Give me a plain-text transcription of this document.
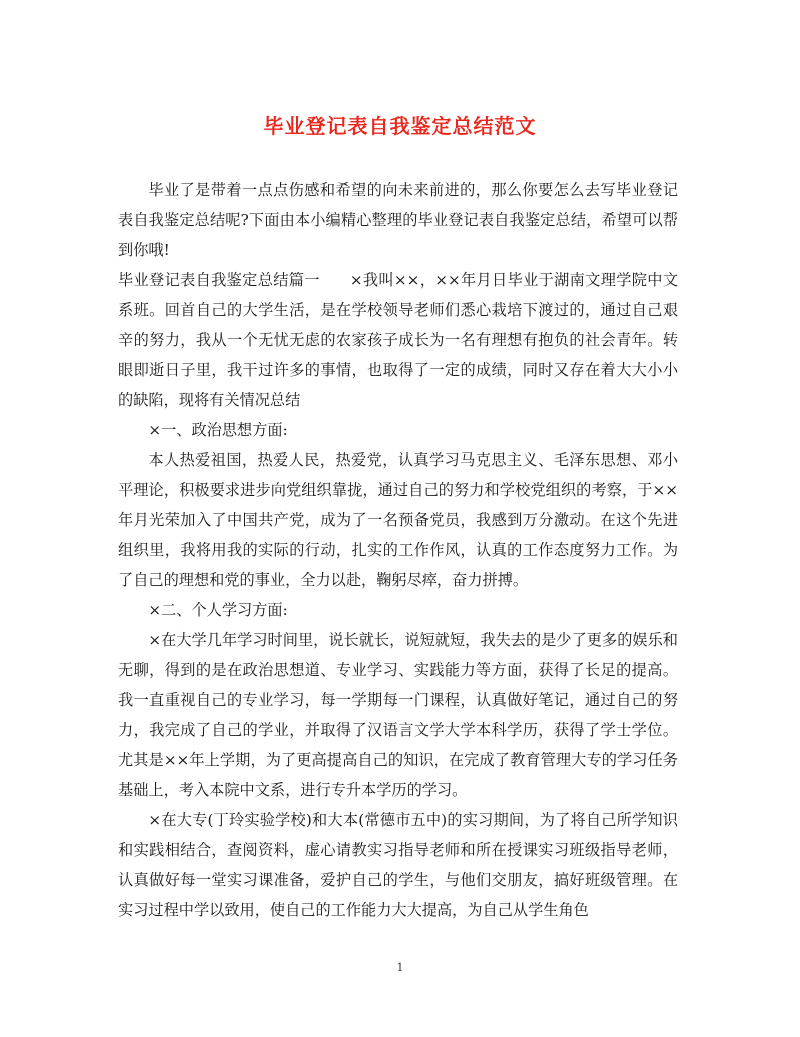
毕业登记表自我鉴定总结范文

毕业了是带着一点点伤感和希望的向未来前进的，那么你要怎么去写毕业登记表自我鉴定总结呢?下面由本小编精心整理的毕业登记表自我鉴定总结，希望可以帮到你哦!

毕业登记表自我鉴定总结篇一 ×我叫××，××年月日毕业于湖南文理学院中文系班。回首自己的大学生活，是在学校领导老师们悉心栽培下渡过的，通过自己艰辛的努力，我从一个无忧无虑的农家孩子成长为一名有理想有抱负的社会青年。转眼即逝日子里，我干过许多的事情，也取得了一定的成绩，同时又存在着大大小小的缺陷，现将有关情况总结

×一、政治思想方面:

本人热爱祖国，热爱人民，热爱党，认真学习马克思主义、毛泽东思想、邓小平理论，积极要求进步向党组织靠拢，通过自己的努力和学校党组织的考察，于××年月光荣加入了中国共产党，成为了一名预备党员，我感到万分激动。在这个先进组织里，我将用我的实际的行动，扎实的工作作风，认真的工作态度努力工作。为了自己的理想和党的事业，全力以赴，鞠躬尽瘁，奋力拼搏。

×二、个人学习方面:

×在大学几年学习时间里，说长就长，说短就短，我失去的是少了更多的娱乐和无聊，得到的是在政治思想道、专业学习、实践能力等方面，获得了长足的提高。我一直重视自己的专业学习，每一学期每一门课程，认真做好笔记，通过自己的努力，我完成了自己的学业，并取得了汉语言文学大学本科学历，获得了学士学位。尤其是××年上学期，为了更高提高自己的知识，在完成了教育管理大专的学习任务基础上，考入本院中文系，进行专升本学历的学习。

×在大专(丁玲实验学校)和大本(常德市五中)的实习期间，为了将自己所学知识和实践相结合，查阅资料，虚心请教实习指导老师和所在授课实习班级指导老师，认真做好每一堂实习课准备，爱护自己的学生，与他们交朋友，搞好班级管理。在实习过程中学以致用，使自己的工作能力大大提高，为自己从学生角色

1
